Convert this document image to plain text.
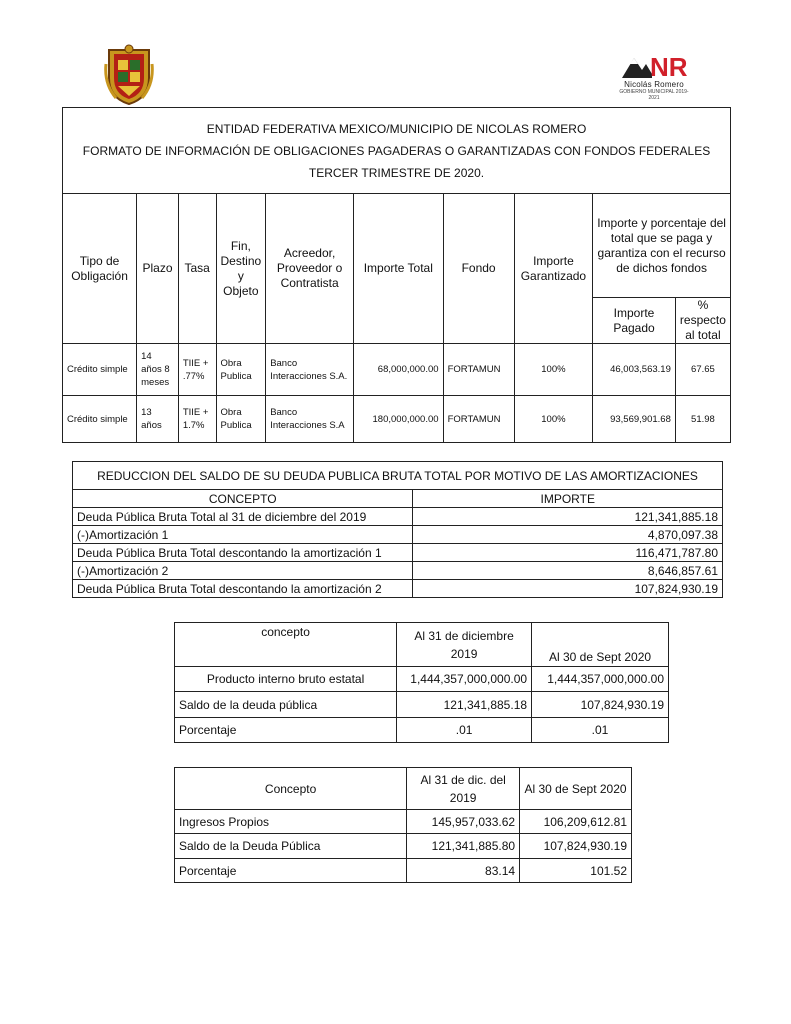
NR
Nicolás Romero
GOBIERNO MUNICIPAL 2019-2021
ENTIDAD FEDERATIVA MEXICO/MUNICIPIO DE NICOLAS ROMERO
FORMATO DE INFORMACIÓN DE OBLIGACIONES PAGADERAS O GARANTIZADAS CON FONDOS FEDERALES
TERCER TRIMESTRE DE 2020.									

Tipo de Obligación	Plazo	Tasa	Fin, Destino y Objeto	Acreedor, Proveedor o Contratista	Importe Total	Fondo	Importe Garantizado	Importe y porcentaje del total que se paga y garantiza con el recurso de dichos fondos	
								Importe Pagado	% respecto al total
Crédito simple	14 años 8 meses	TIIE + .77%	Obra Publica	Banco Interacciones S.A.	68,000,000.00	FORTAMUN	100%	46,003,563.19	67.65
Crédito simple	13 años	TIIE + 1.7%	Obra Publica	Banco Interacciones S.A	180,000,000.00	FORTAMUN	100%	93,569,901.68	51.98
REDUCCION DEL SALDO DE SU DEUDA PUBLICA BRUTA TOTAL POR MOTIVO DE LAS AMORTIZACIONES	
CONCEPTO	IMPORTE
Deuda Pública Bruta Total al 31 de diciembre del 2019	121,341,885.18
(-)Amortización 1	4,870,097.38
Deuda Pública Bruta Total descontando la amortización 1	116,471,787.80
(-)Amortización 2	8,646,857.61
Deuda Pública Bruta Total descontando la amortización 2	107,824,930.19
concepto	Al 31 de diciembre 2019	Al 30 de Sept 2020
Producto interno bruto estatal	1,444,357,000,000.00	1,444,357,000,000.00
Saldo de la deuda pública	121,341,885.18	107,824,930.19
Porcentaje	.01	.01
Concepto	Al 31 de dic. del 2019	Al 30 de Sept 2020
Ingresos Propios	145,957,033.62	106,209,612.81
Saldo de la Deuda Pública	121,341,885.80	107,824,930.19
Porcentaje	83.14	101.52
